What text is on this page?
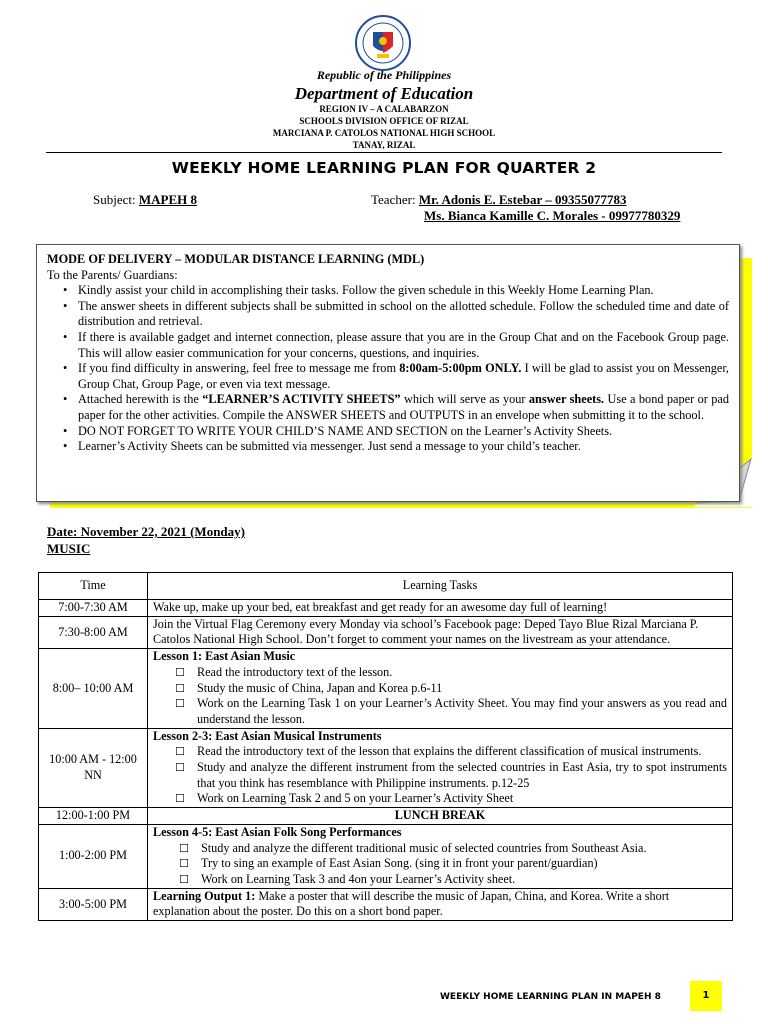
Republic of the Philippines
Department of Education
REGION IV – A CALABARZON
SCHOOLS DIVISION OFFICE OF RIZAL
MARCIANA P. CATOLOS NATIONAL HIGH SCHOOL
TANAY, RIZAL
WEEKLY HOME LEARNING PLAN FOR QUARTER 2
Subject: MAPEH 8	Teacher: Mr. Adonis E. Estebar – 09355077783
Ms. Bianca Kamille C. Morales - 09977780329
MODE OF DELIVERY – MODULAR DISTANCE LEARNING (MDL)
To the Parents/ Guardians:
• Kindly assist your child in accomplishing their tasks. Follow the given schedule in this Weekly Home Learning Plan.
• The answer sheets in different subjects shall be submitted in school on the allotted schedule. Follow the scheduled time and date of distribution and retrieval.
• If there is available gadget and internet connection, please assure that you are in the Group Chat and on the Facebook Group page. This will allow easier communication for your concerns, questions, and inquiries.
• If you find difficulty in answering, feel free to message me from 8:00am-5:00pm ONLY. I will be glad to assist you on Messenger, Group Chat, Group Page, or even via text message.
• Attached herewith is the “LEARNER’S ACTIVITY SHEETS” which will serve as your answer sheets. Use a bond paper or pad paper for the other activities. Compile the ANSWER SHEETS and OUTPUTS in an envelope when submitting it to the school.
• DO NOT FORGET TO WRITE YOUR CHILD’S NAME AND SECTION on the Learner’s Activity Sheets.
• Learner’s Activity Sheets can be submitted via messenger. Just send a message to your child’s teacher.
Date: November 22, 2021 (Monday)
MUSIC
Time	Learning Tasks
7:00-7:30 AM	Wake up, make up your bed, eat breakfast and get ready for an awesome day full of learning!
7:30-8:00 AM	Join the Virtual Flag Ceremony every Monday via school’s Facebook page: Deped Tayo Blue Rizal Marciana P. Catolos National High School. Don’t forget to comment your names on the livestream as your attendance.
8:00– 10:00 AM	Lesson 1: East Asian Music
☐ Read the introductory text of the lesson.
☐ Study the music of China, Japan and Korea p.6-11
☐ Work on the Learning Task 1 on your Learner’s Activity Sheet. You may find your answers as you read and understand the lesson.

10:00 AM - 12:00 NN	Lesson 2-3: East Asian Musical Instruments
☐ Read the introductory text of the lesson that explains the different classification of musical instruments.
☐ Study and analyze the different instrument from the selected countries in East Asia, try to spot instruments that you think has resemblance with Philippine instruments. p.12-25
☐ Work on Learning Task 2 and 5 on your Learner’s Activity Sheet

12:00-1:00 PM	LUNCH BREAK
1:00-2:00 PM	Lesson 4-5: East Asian Folk Song Performances
☐ Study and analyze the different traditional music of selected countries from Southeast Asia.
☐ Try to sing an example of East Asian Song. (sing it in front your parent/guardian)
☐ Work on Learning Task 3 and 4on your Learner’s Activity sheet.

3:00-5:00 PM	Learning Output 1: Make a poster that will describe the music of Japan, China, and Korea. Write a short explanation about the poster. Do this on a short bond paper.
WEEKLY HOME LEARNING PLAN IN MAPEH 8	1
